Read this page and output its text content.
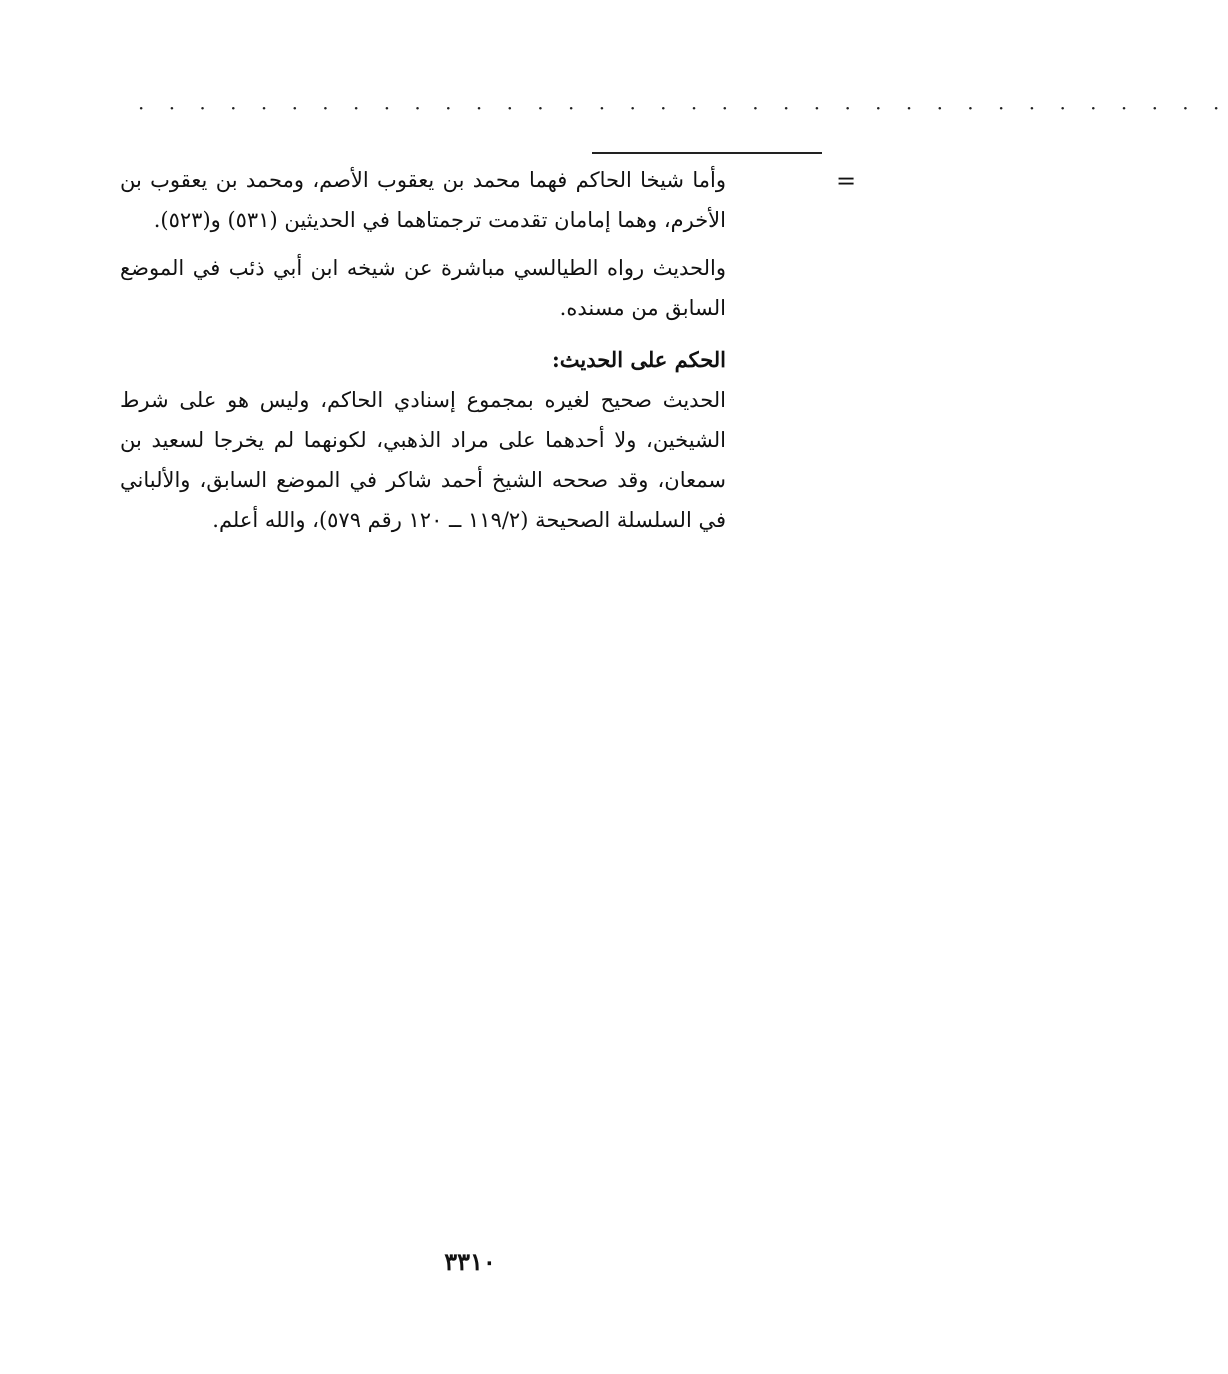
· · · · · · · · · · · · · · · · · · · · · · · · · · · · · · · · · · · ·
=

وأما شيخا الحاكم فهما محمد بن يعقوب الأصم، ومحمد بن يعقوب بن الأخرم، وهما إمامان تقدمت ترجمتاهما في الحديثين (٥٣١) و(٥٢٣).

والحديث رواه الطيالسي مباشرة عن شيخه ابن أبي ذئب في الموضع السابق من مسنده.

الحكم على الحديث:

الحديث صحيح لغيره بمجموع إسنادي الحاكم، وليس هو على شرط الشيخين، ولا أحدهما على مراد الذهبي، لكونهما لم يخرجا لسعيد بن سمعان، وقد صححه الشيخ أحمد شاكر في الموضع السابق، والألباني في السلسلة الصحيحة (١١٩/٢ ــ ١٢٠ رقم ٥٧٩)، والله أعلم.

٣٣١٠
